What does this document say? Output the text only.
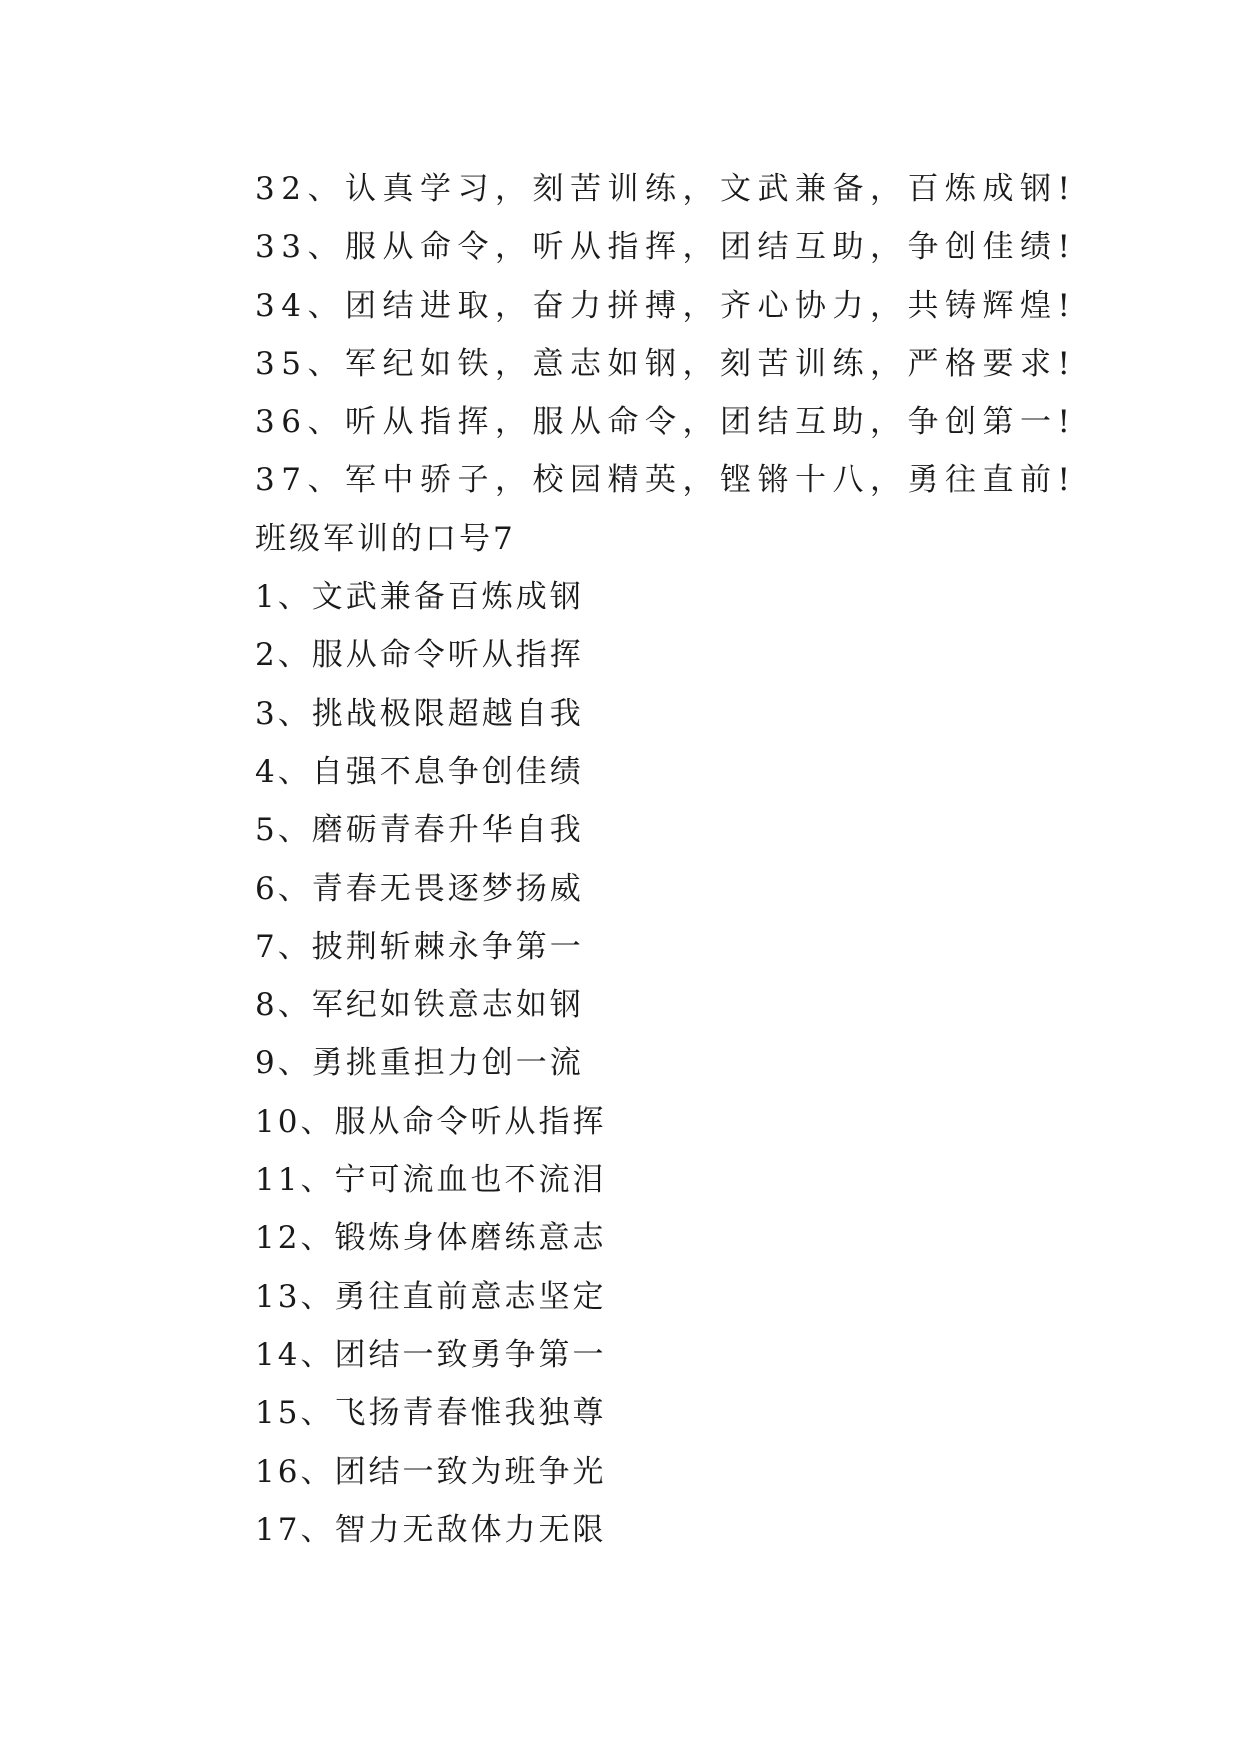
32、认真学习，刻苦训练，文武兼备，百炼成钢!
33、服从命令，听从指挥，团结互助，争创佳绩!
34、团结进取，奋力拼搏，齐心协力，共铸辉煌!
35、军纪如铁，意志如钢，刻苦训练，严格要求!
36、听从指挥，服从命令，团结互助，争创第一!
37、军中骄子，校园精英，铿锵十八，勇往直前!
班级军训的口号7
1、文武兼备百炼成钢
2、服从命令听从指挥
3、挑战极限超越自我
4、自强不息争创佳绩
5、磨砺青春升华自我
6、青春无畏逐梦扬威
7、披荆斩棘永争第一
8、军纪如铁意志如钢
9、勇挑重担力创一流
10、服从命令听从指挥
11、宁可流血也不流泪
12、锻炼身体磨练意志
13、勇往直前意志坚定
14、团结一致勇争第一
15、飞扬青春惟我独尊
16、团结一致为班争光
17、智力无敌体力无限
